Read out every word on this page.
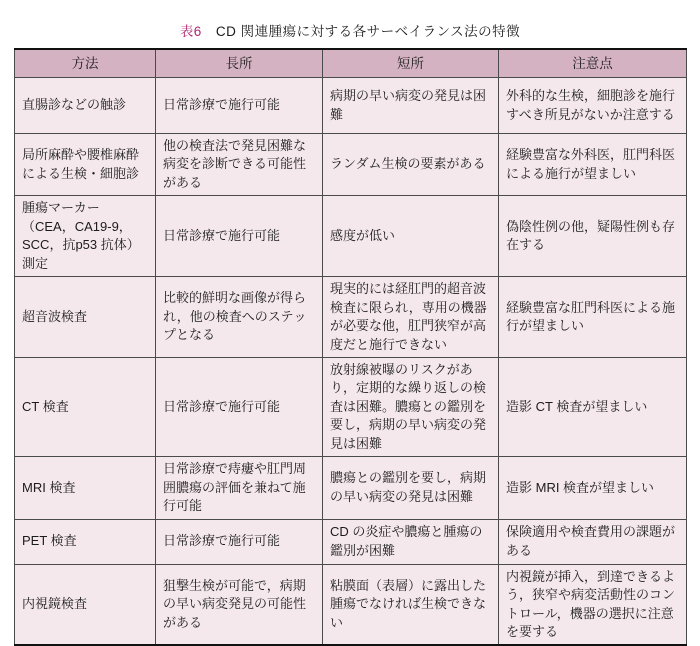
表6 CD 関連腫瘍に対する各サーベイランス法の特徴
方法	長所	短所	注意点
直腸診などの触診	日常診療で施行可能	病期の早い病変の発見は困難	外科的な生検，細胞診を施行すべき所見がないか注意する
局所麻酔や腰椎麻酔による生検・細胞診	他の検査法で発見困難な病変を診断できる可能性がある	ランダム生検の要素がある	経験豊富な外科医，肛門科医による施行が望ましい
腫瘍マーカー（CEA，CA19-9，SCC，抗p53 抗体）測定	日常診療で施行可能	感度が低い	偽陰性例の他，疑陽性例も存在する
超音波検査	比較的鮮明な画像が得られ，他の検査へのステップとなる	現実的には経肛門的超音波検査に限られ，専用の機器が必要な他，肛門狭窄が高度だと施行できない	経験豊富な肛門科医による施行が望ましい
CT 検査	日常診療で施行可能	放射線被曝のリスクがあり，定期的な繰り返しの検査は困難。膿瘍との鑑別を要し，病期の早い病変の発見は困難	造影 CT 検査が望ましい
MRI 検査	日常診療で痔瘻や肛門周囲膿瘍の評価を兼ねて施行可能	膿瘍との鑑別を要し，病期の早い病変の発見は困難	造影 MRI 検査が望ましい
PET 検査	日常診療で施行可能	CD の炎症や膿瘍と腫瘍の鑑別が困難	保険適用や検査費用の課題がある
内視鏡検査	狙撃生検が可能で，病期の早い病変発見の可能性がある	粘膜面（表層）に露出した腫瘍でなければ生検できない	内視鏡が挿入，到達できるよう，狭窄や病変活動性のコントロール，機器の選択に注意を要する
